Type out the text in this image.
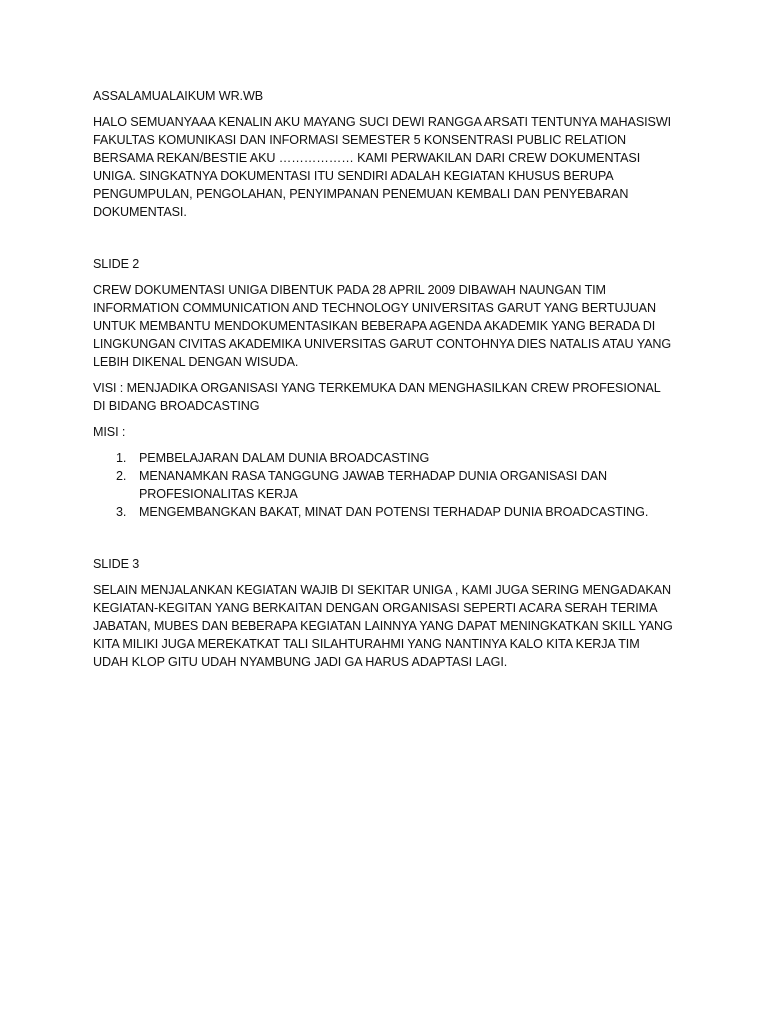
ASSALAMUALAIKUM WR.WB

HALO SEMUANYAAA KENALIN AKU MAYANG SUCI DEWI RANGGA ARSATI TENTUNYA MAHASISWI FAKULTAS KOMUNIKASI DAN INFORMASI SEMESTER 5 KONSENTRASI PUBLIC RELATION BERSAMA REKAN/BESTIE AKU ……………… KAMI PERWAKILAN DARI CREW DOKUMENTASI UNIGA. SINGKATNYA DOKUMENTASI ITU SENDIRI ADALAH KEGIATAN KHUSUS BERUPA PENGUMPULAN, PENGOLAHAN, PENYIMPANAN PENEMUAN KEMBALI DAN PENYEBARAN DOKUMENTASI.

SLIDE 2

CREW DOKUMENTASI UNIGA DIBENTUK PADA 28 APRIL 2009 DIBAWAH NAUNGAN TIM INFORMATION COMMUNICATION AND TECHNOLOGY UNIVERSITAS GARUT YANG BERTUJUAN UNTUK MEMBANTU MENDOKUMENTASIKAN BEBERAPA AGENDA AKADEMIK YANG BERADA DI LINGKUNGAN CIVITAS AKADEMIKA UNIVERSITAS GARUT CONTOHNYA DIES NATALIS ATAU YANG LEBIH DIKENAL DENGAN WISUDA.

VISI : MENJADIKA ORGANISASI YANG TERKEMUKA DAN MENGHASILKAN CREW PROFESIONAL DI BIDANG BROADCASTING

MISI :

1. PEMBELAJARAN DALAM DUNIA BROADCASTING
2. MENANAMKAN RASA TANGGUNG JAWAB TERHADAP DUNIA ORGANISASI DAN PROFESIONALITAS KERJA
3. MENGEMBANGKAN BAKAT, MINAT DAN POTENSI TERHADAP DUNIA BROADCASTING.

SLIDE 3

SELAIN MENJALANKAN KEGIATAN WAJIB DI SEKITAR UNIGA , KAMI JUGA SERING MENGADAKAN KEGIATAN-KEGITAN YANG BERKAITAN DENGAN ORGANISASI SEPERTI ACARA SERAH TERIMA JABATAN, MUBES DAN BEBERAPA KEGIATAN LAINNYA YANG DAPAT MENINGKATKAN SKILL YANG KITA MILIKI JUGA MEREKATKAT TALI SILAHTURAHMI YANG NANTINYA KALO KITA KERJA TIM UDAH KLOP GITU UDAH NYAMBUNG JADI GA HARUS ADAPTASI LAGI.
